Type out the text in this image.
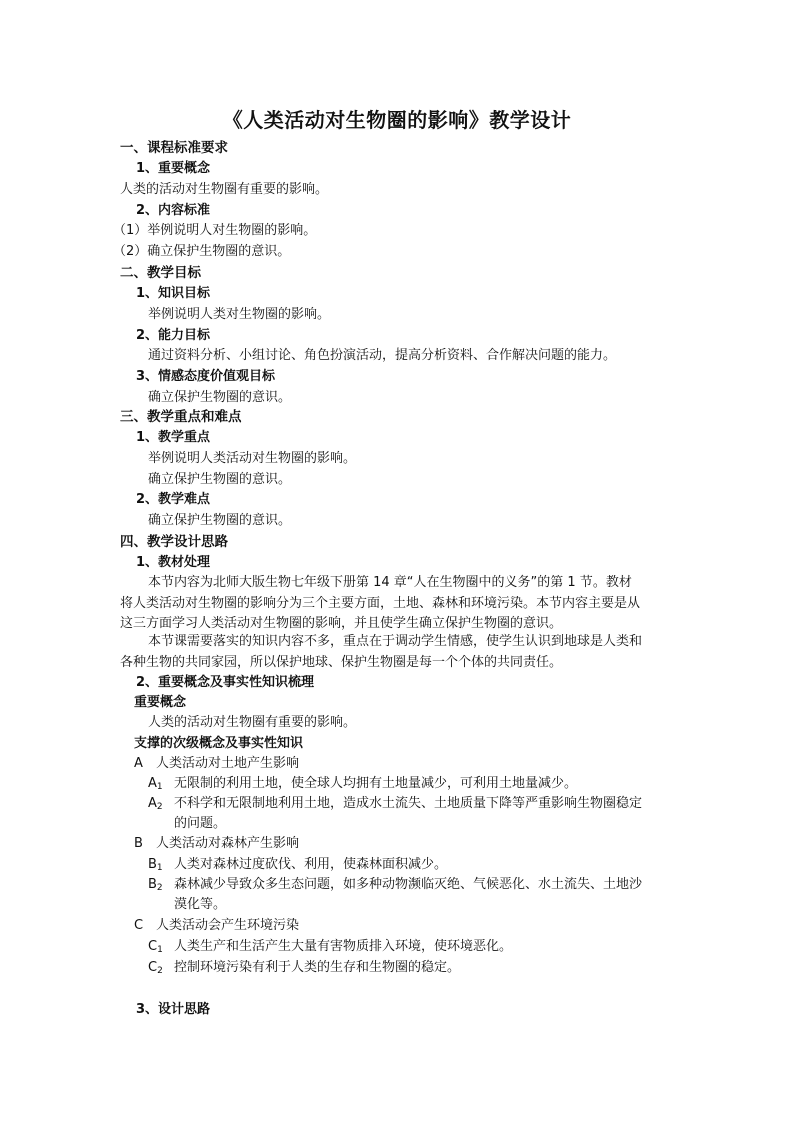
《人类活动对生物圈的影响》教学设计
一、课程标准要求
1、重要概念
人类的活动对生物圈有重要的影响。
2、内容标准
（1）举例说明人对生物圈的影响。
（2）确立保护生物圈的意识。
二、教学目标
1、知识目标
举例说明人类对生物圈的影响。
2、能力目标
通过资料分析、小组讨论、角色扮演活动，提高分析资料、合作解决问题的能力。
3、情感态度价值观目标
确立保护生物圈的意识。
三、教学重点和难点
1、教学重点
举例说明人类活动对生物圈的影响。
确立保护生物圈的意识。
2、教学难点
确立保护生物圈的意识。
四、教学设计思路
1、教材处理
本节内容为北师大版生物七年级下册第 14 章“人在生物圈中的义务”的第 1 节。教材
将人类活动对生物圈的影响分为三个主要方面，土地、森林和环境污染。本节内容主要是从
这三方面学习人类活动对生物圈的影响，并且使学生确立保护生物圈的意识。
本节课需要落实的知识内容不多，重点在于调动学生情感，使学生认识到地球是人类和
各种生物的共同家园，所以保护地球、保护生物圈是每一个个体的共同责任。
2、重要概念及事实性知识梳理
重要概念
人类的活动对生物圈有重要的影响。
支撑的次级概念及事实性知识
A 人类活动对土地产生影响
$A_1$ 无限制的利用土地，使全球人均拥有土地量减少，可利用土地量减少。
$A_2$ 不科学和无限制地利用土地，造成水土流失、土地质量下降等严重影响生物圈稳定
的问题。
B 人类活动对森林产生影响
$B_1$ 人类对森林过度砍伐、利用，使森林面积减少。
$B_2$ 森林减少导致众多生态问题，如多种动物濒临灭绝、气候恶化、水土流失、土地沙
漠化等。
C 人类活动会产生环境污染
$C_1$ 人类生产和生活产生大量有害物质排入环境，使环境恶化。
$C_2$ 控制环境污染有利于人类的生存和生物圈的稳定。
3、设计思路
